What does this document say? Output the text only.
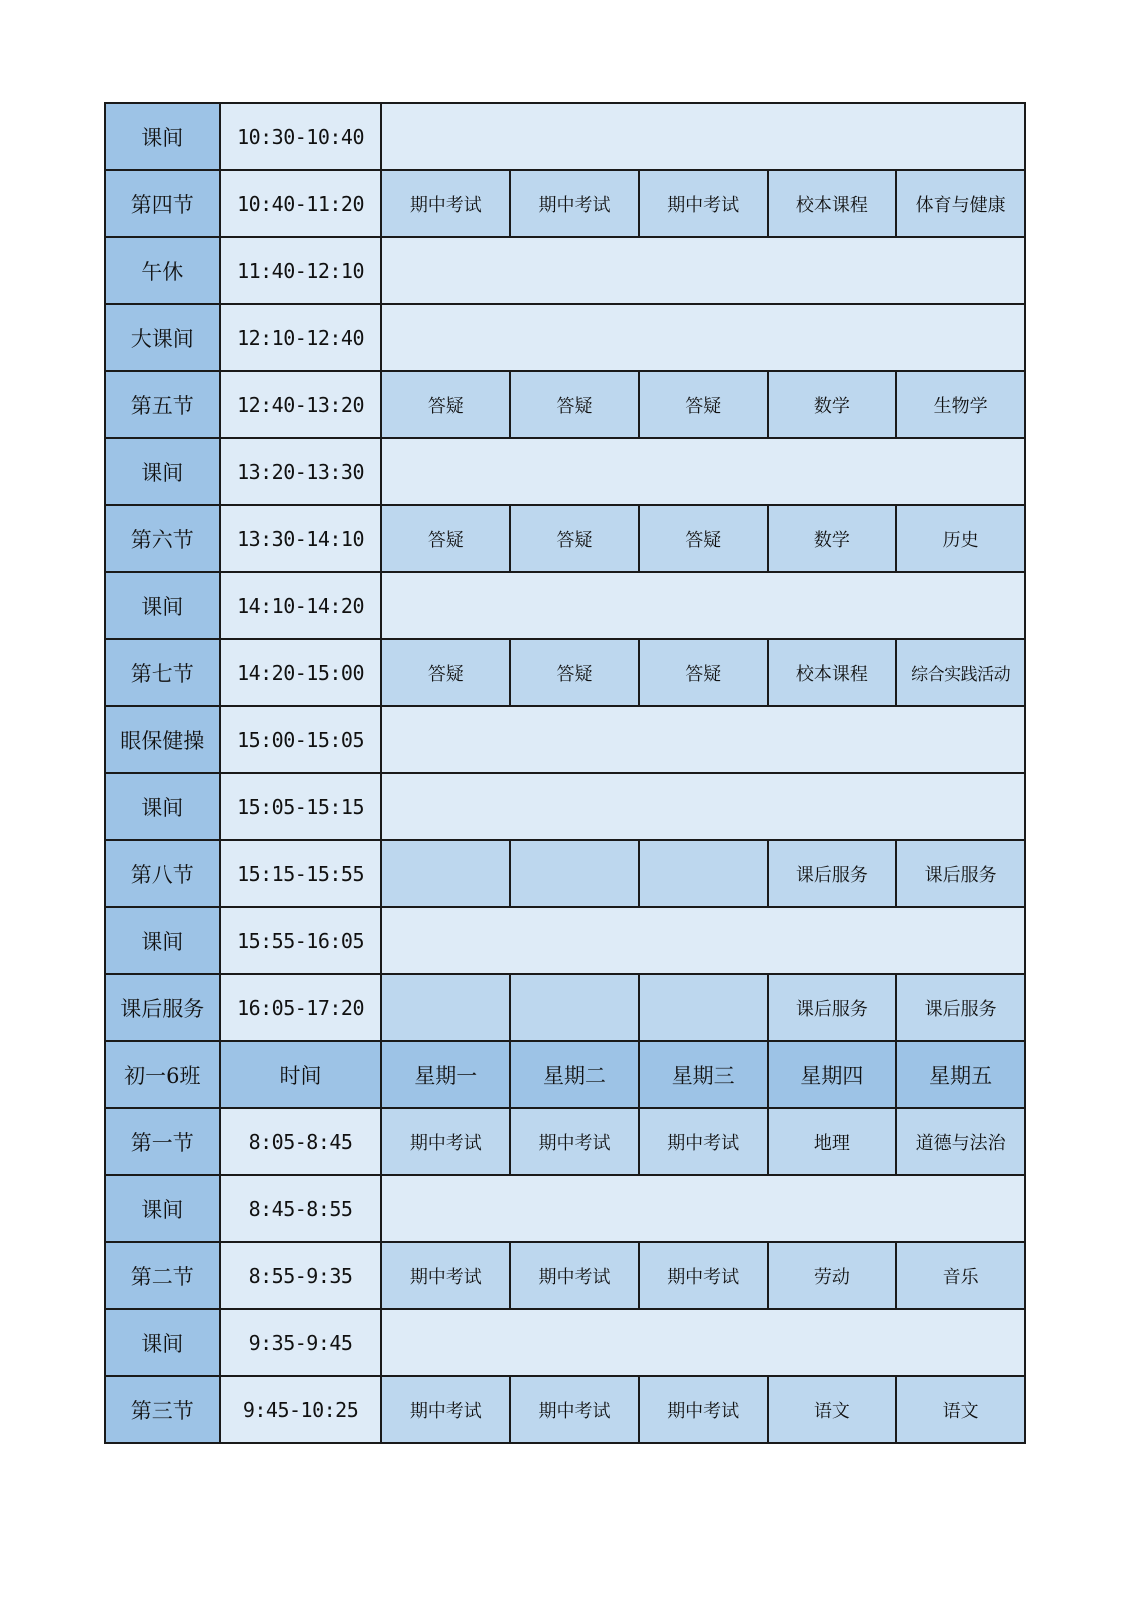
课间	10:30-10:40					
第四节	10:40-11:20	期中考试	期中考试	期中考试	校本课程	体育与健康
午休	11:40-12:10					
大课间	12:10-12:40					
第五节	12:40-13:20	答疑	答疑	答疑	数学	生物学
课间	13:20-13:30					
第六节	13:30-14:10	答疑	答疑	答疑	数学	历史
课间	14:10-14:20					
第七节	14:20-15:00	答疑	答疑	答疑	校本课程	综合实践活动
眼保健操	15:00-15:05					
课间	15:05-15:15					
第八节	15:15-15:55				课后服务	课后服务
课间	15:55-16:05					
课后服务	16:05-17:20				课后服务	课后服务
初一6班	时间	星期一	星期二	星期三	星期四	星期五
第一节	8:05-8:45	期中考试	期中考试	期中考试	地理	道德与法治
课间	8:45-8:55					
第二节	8:55-9:35	期中考试	期中考试	期中考试	劳动	音乐
课间	9:35-9:45					
第三节	9:45-10:25	期中考试	期中考试	期中考试	语文	语文
